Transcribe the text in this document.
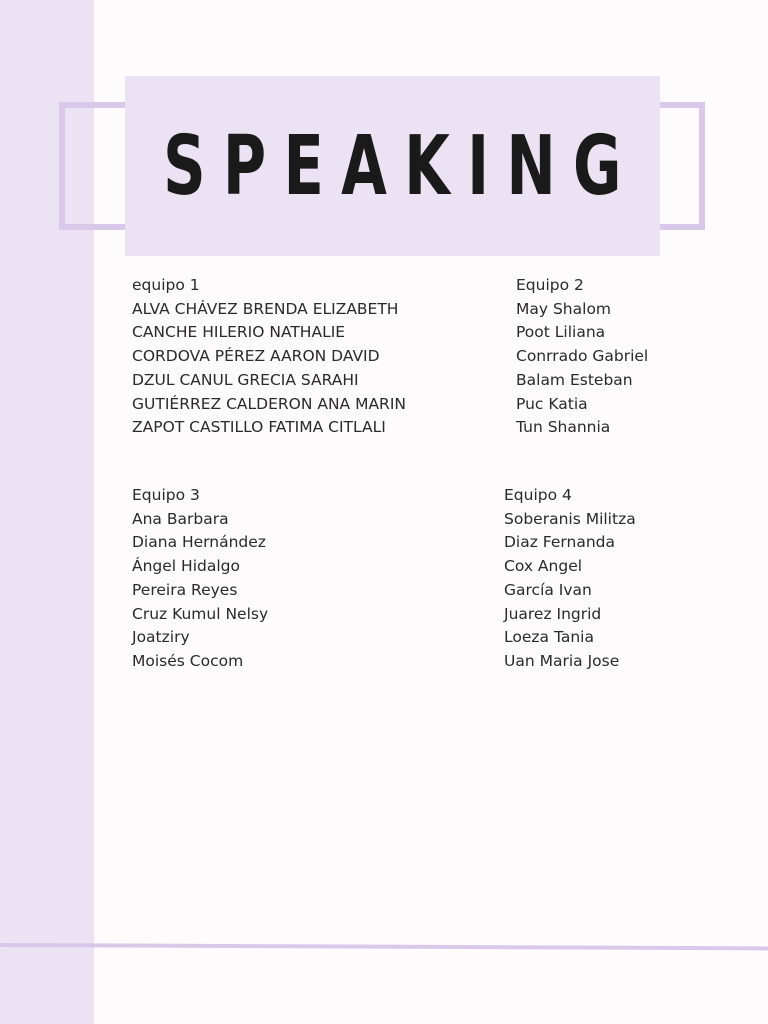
SPEAKING
equipo 1
ALVA CHÁVEZ BRENDA ELIZABETH
CANCHE HILERIO NATHALIE
CORDOVA PÉREZ AARON DAVID
DZUL CANUL GRECIA SARAHI
GUTIÉRREZ CALDERON ANA MARIN
ZAPOT CASTILLO FATIMA CITLALI
Equipo 2
May Shalom
Poot Liliana
Conrrado Gabriel
Balam Esteban
Puc Katia
Tun Shannia
Equipo 3
Ana Barbara
Diana Hernández
Ángel Hidalgo
Pereira Reyes
Cruz Kumul Nelsy
Joatziry
Moisés Cocom
Equipo 4
Soberanis Militza
Diaz Fernanda
Cox Angel
García Ivan
Juarez Ingrid
Loeza Tania
Uan Maria Jose
